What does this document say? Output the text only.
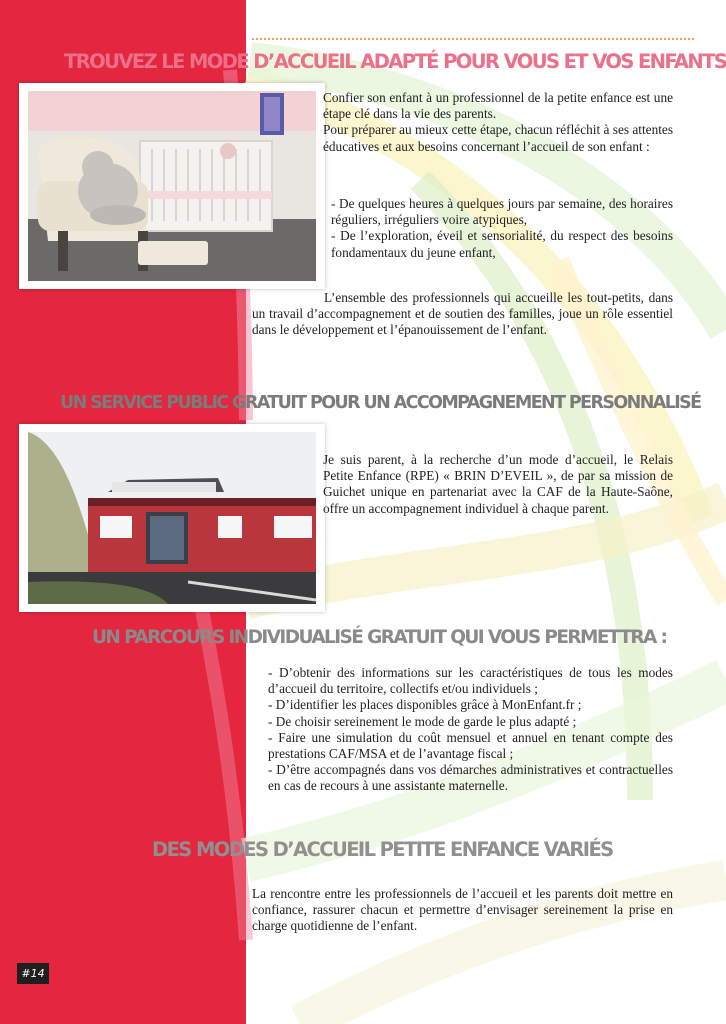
TROUVEZ LE MODE D’ACCUEIL ADAPTÉ POUR VOUS ET VOS ENFANTS

Confier son enfant à un professionnel de la petite enfance est une étape clé dans la vie des parents.

Pour préparer au mieux cette étape, chacun réfléchit à ses attentes éducatives et aux besoins concernant l’accueil de son enfant :

- De quelques heures à quelques jours par semaine, des horaires réguliers, irréguliers voire atypiques,

- De l’exploration, éveil et sensorialité, du respect des besoins fondamentaux du jeune enfant,

L’ensemble des professionnels qui accueille les tout-petits, dans un travail d’accompagnement et de soutien des familles, joue un rôle essentiel dans le développement et l’épanouissement de l’enfant.

UN SERVICE PUBLIC GRATUIT POUR UN ACCOMPAGNEMENT PERSONNALISÉ

Je suis parent, à la recherche d’un mode d’accueil, le Relais Petite Enfance (RPE) « BRIN D’EVEIL », de par sa mission de Guichet unique en partenariat avec la CAF de la Haute-Saône, offre un accompagnement individuel à chaque parent.

UN PARCOURS INDIVIDUALISÉ GRATUIT QUI VOUS PERMETTRA :

- D’obtenir des informations sur les caractéristiques de tous les modes d’accueil du territoire, collectifs et/ou individuels ;

- D’identifier les places disponibles grâce à MonEnfant.fr ;

- De choisir sereinement le mode de garde le plus adapté ;

- Faire une simulation du coût mensuel et annuel en tenant compte des prestations CAF/MSA et de l’avantage fiscal ;

- D’être accompagnés dans vos démarches administratives et contractuelles en cas de recours à une assistante maternelle.

DES MODES D’ACCUEIL PETITE ENFANCE VARIÉS

La rencontre entre les professionnels de l’accueil et les parents doit mettre en confiance, rassurer chacun et permettre d’envisager sereinement la prise en charge quotidienne de l’enfant.

#14
